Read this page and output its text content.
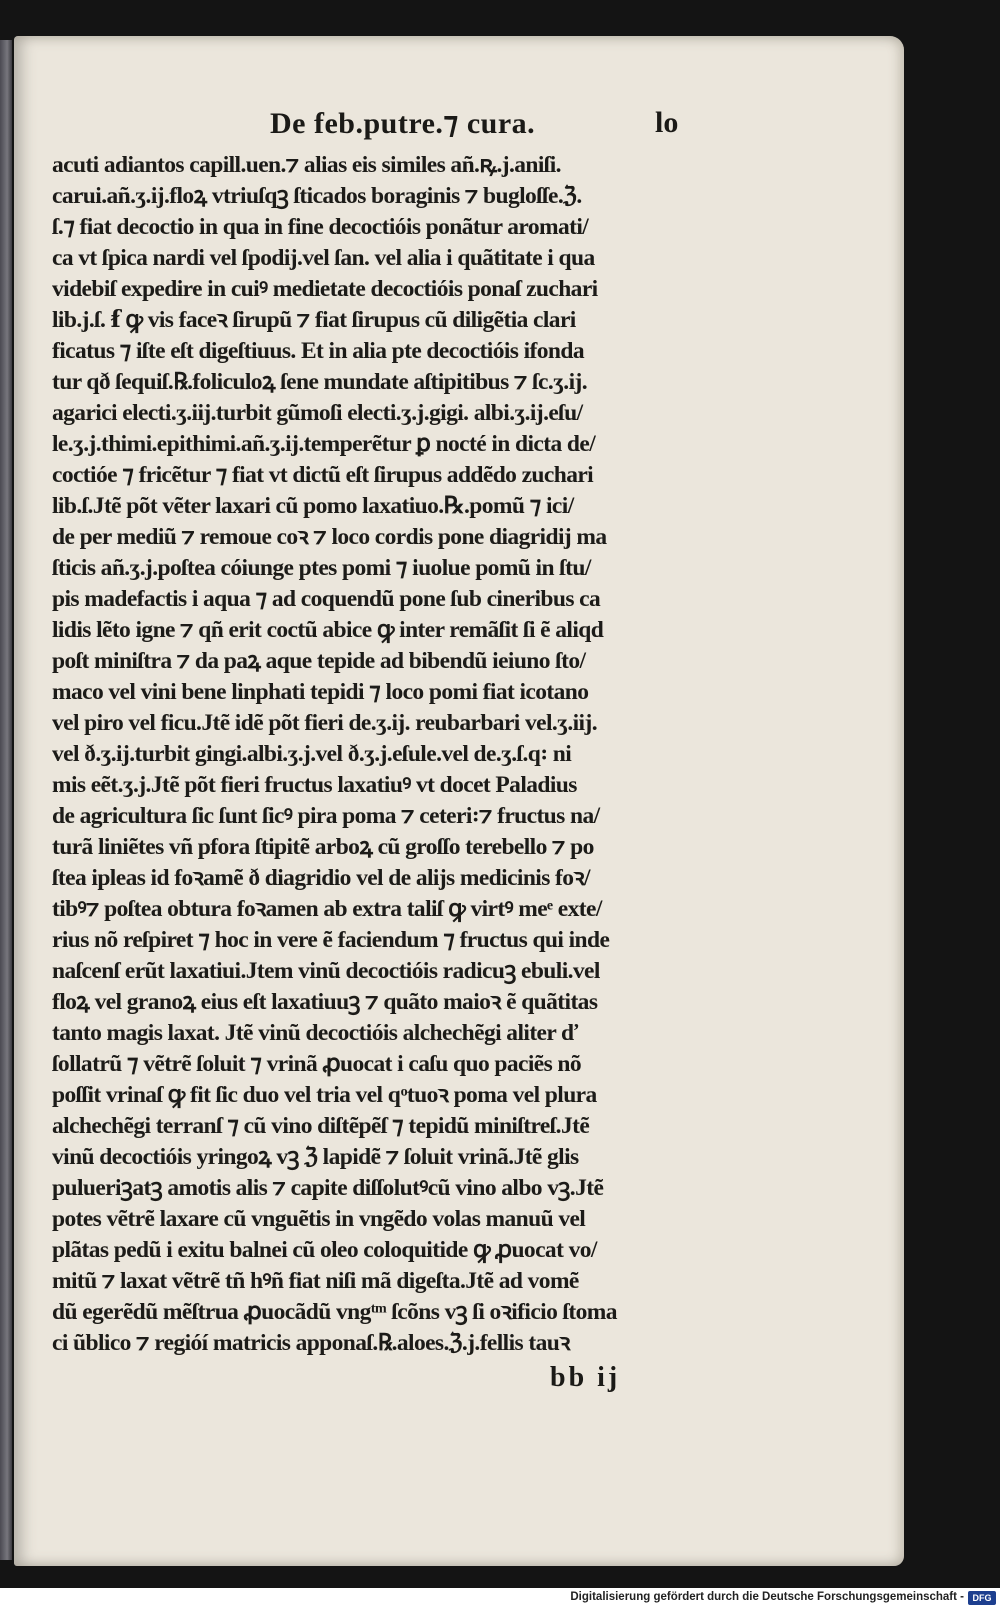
De feb.putre.⁊ cura.	lo
acuti adiantos capill.uen.⁊ alias eis similes añ.ꝶ.j.aniſi.
carui.añ.ʒ.ij.floꝝ vtriuſqꝫ ſticados boraginis ⁊ bugloſſe.ℨ.
ſ.⁊ fiat decoctio in qua in fine decoctióis ponãtur aromati/
ca vt ſpica nardi vel ſpodij.vel ſan. vel alia i quãtitate i qua
videbiſ expedire in cuiꝰ medietate decoctióis ponaſ zuchari
lib.j.ſ. ẜ ꝙ vis faceꝛ ſirupũ ⁊ fiat ſirupus cũ diligẽtia clari
ficatus ⁊ iſte eſt digeſtiuus. Et in alia pte decoctióis ifonda
tur qð ſequiſ.℞.foliculoꝝ ſene mundate aſtipitibus ⁊ ſc.ʒ.ij.
agarici electi.ʒ.iij.turbit gũmoſi electi.ʒ.j.gigi. albi.ʒ.ij.eſu/
le.ʒ.j.thimi.epithimi.añ.ʒ.ij.temperẽtur ꝑ nocté in dicta de/
coctióe ⁊ fricẽtur ⁊ fiat vt dictũ eſt ſirupus addẽdo zuchari
lib.ſ.Jtẽ põt vẽter laxari cũ pomo laxatiuo.℞.pomũ ⁊ ici/
de per mediũ ⁊ remoue coꝛ ⁊ loco cordis pone diagridij ma
ſticis añ.ʒ.j.poſtea cóiunge ptes pomi ⁊ iuolue pomũ in ſtu/
pis madefactis i aqua ⁊ ad coquendũ pone ſub cineribus ca
lidis lẽto igne ⁊ qñ erit coctũ abice ꝙ inter remãſit ſi ẽ aliqd
poſt miniſtra ⁊ da paꝝ aque tepide ad bibendũ ieiuno ſto/
maco vel vini bene linphati tepidi ⁊ loco pomi fiat icotano
vel piro vel ficu.Jtẽ idẽ põt fieri de.ʒ.ij. reubarbari vel.ʒ.iij.
vel ð.ʒ.ij.turbit gingi.albi.ʒ.j.vel ð.ʒ.j.eſule.vel de.ʒ.ſ.q꞉ ni
mis eẽt.ʒ.j.Jtẽ põt fieri fructus laxatiuꝰ vt docet Paladius
de agricultura ſic ſunt ſicꝰ pira poma ⁊ ceteri꞉⁊ fructus na/
turã liniẽtes vñ pfora ſtipitẽ arboꝝ cũ groſſo terebello ⁊ po
ſtea ipleas id foꝛamẽ ð diagridio vel de alijs medicinis foꝛ/
tibꝰ⁊ poſtea obtura foꝛamen ab extra taliſ ꝙ virtꝰ meᵉ exte/
rius nõ reſpiret ⁊ hoc in vere ẽ faciendum ⁊ fructus qui inde
naſcenſ erũt laxatiui.Jtem vinũ decoctióis radicuꝫ ebuli.vel
floꝝ vel granoꝝ eius eſt laxatiuuꝫ ⁊ quãto maioꝛ ẽ quãtitas
tanto magis laxat. Jtẽ vinũ decoctióis alchechẽgi aliter ď
ſollatrũ ⁊ vẽtrẽ ſoluit ⁊ vrinã ꝓuocat i caſu quo paciẽs nõ
poſſit vrinaſ ꝙ fit ſic duo vel tria vel qͦtuoꝛ poma vel plura
alchechẽgi terranſ ⁊ cũ vino diſtẽpẽſ ⁊ tepidũ miniſtreſ.Jtẽ
vinũ decoctióis yringoꝝ vꝫ ℨ lapidẽ ⁊ ſoluit vrinã.Jtẽ glis
pulueriꝫatꝫ amotis alis ⁊ capite diſſolutꝰcũ vino albo vꝫ.Jtẽ
potes vẽtrẽ laxare cũ vnguẽtis in vngẽdo volas manuũ vel
plãtas pedũ i exitu balnei cũ oleo coloquitide ꝙ ꝓuocat vo/
mitũ ⁊ laxat vẽtrẽ tñ hꝰñ fiat niſi mã digeſta.Jtẽ ad vomẽ
dũ egerẽdũ mẽſtrua ꝓuocãdũ vngᵗᵐ ſcõns vꝫ ſi oꝛificio ſtoma
ci ũblico ⁊ regióí matricis apponaſ.℞.aloes.ℨ.j.fellis tauꝛ
bb ij
Digitalisierung gefördert durch die Deutsche Forschungsgemeinschaft - DFG
